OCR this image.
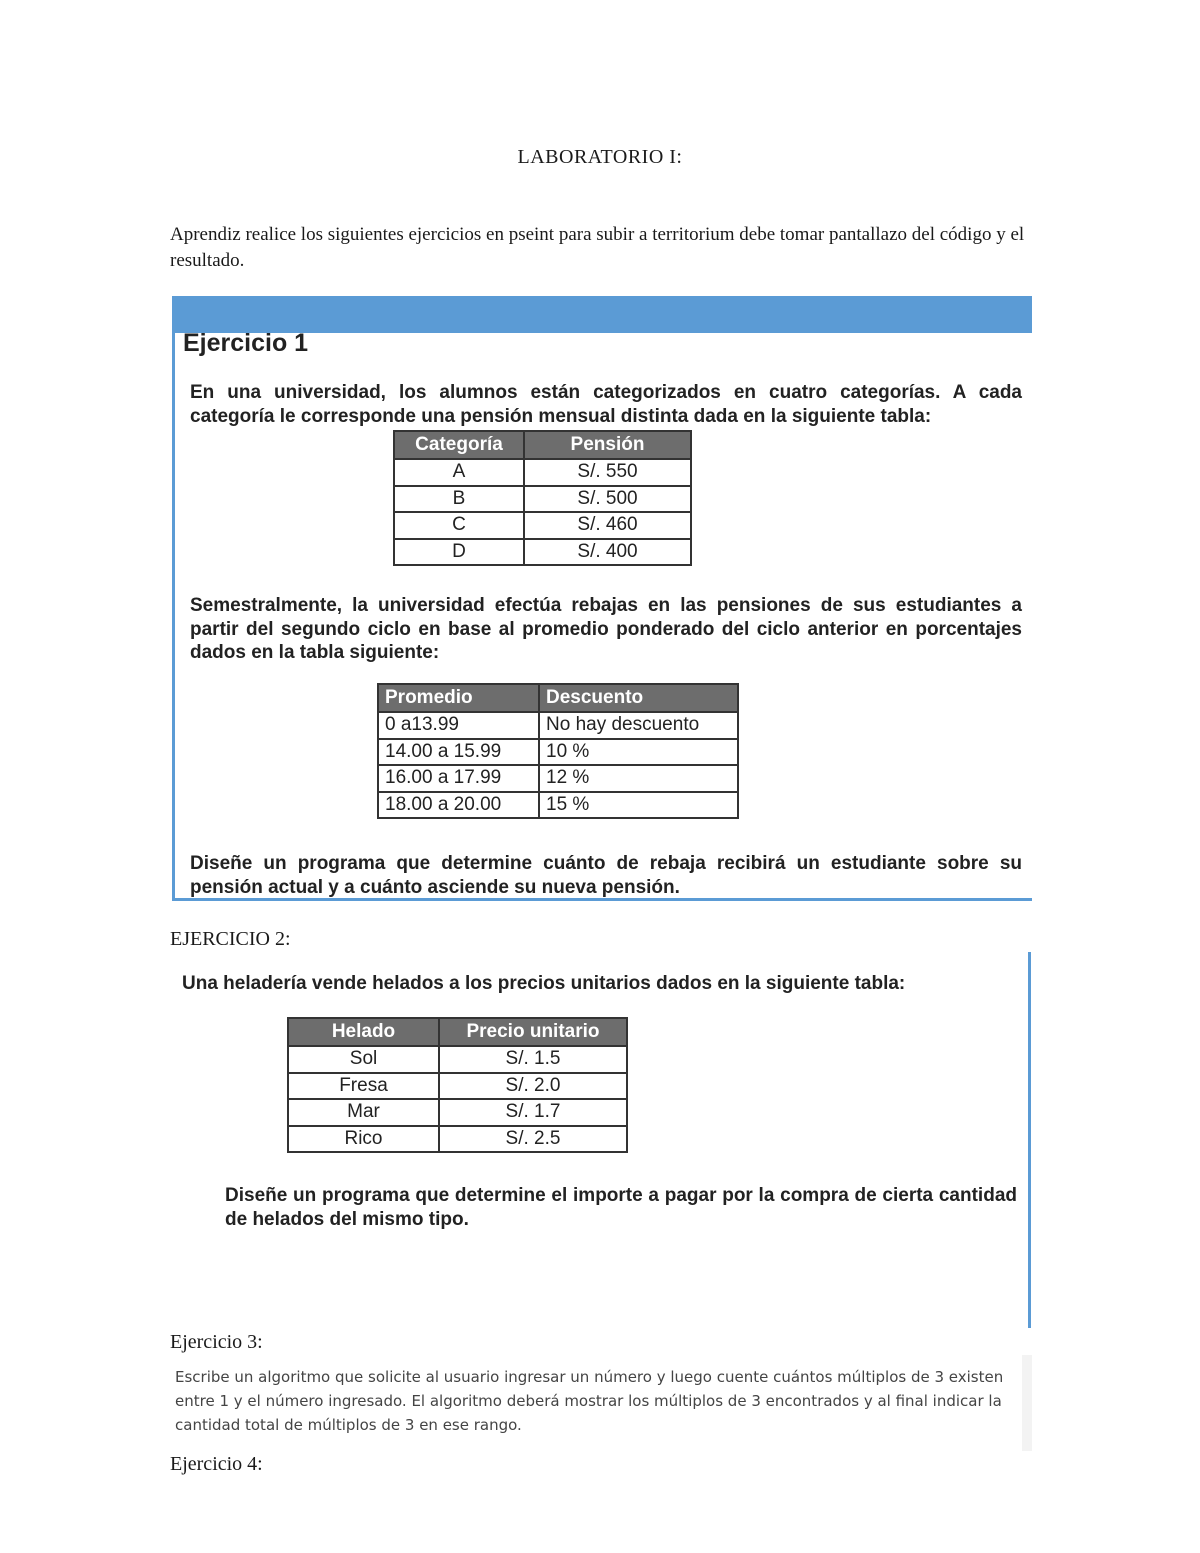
LABORATORIO I:
Aprendiz realice los siguientes ejercicios en pseint para subir a territorium debe tomar pantallazo del código y el resultado.
Ejercicio 1
En una universidad, los alumnos están categorizados en cuatro categorías. A cada categoría le corresponde una pensión mensual distinta dada en la siguiente tabla:
Categoría	Pensión
A	S/. 550
B	S/. 500
C	S/. 460
D	S/. 400
Semestralmente, la universidad efectúa rebajas en las pensiones de sus estudiantes a partir del segundo ciclo en base al promedio ponderado del ciclo anterior en porcentajes dados en la tabla siguiente:
Promedio	Descuento
0 a13.99	No hay descuento
14.00 a 15.99	10 %
16.00 a 17.99	12 %
18.00 a 20.00	15 %
Diseñe un programa que determine cuánto de rebaja recibirá un estudiante sobre su pensión actual y a cuánto asciende su nueva pensión.
EJERCICIO 2:
Una heladería vende helados a los precios unitarios dados en la siguiente tabla:
Helado	Precio unitario
Sol	S/. 1.5
Fresa	S/. 2.0
Mar	S/. 1.7
Rico	S/. 2.5
Diseñe un programa que determine el importe a pagar por la compra de cierta cantidad de helados del mismo tipo.
Ejercicio 3:
Escribe un algoritmo que solicite al usuario ingresar un número y luego cuente cuántos múltiplos de 3 existen entre 1 y el número ingresado. El algoritmo deberá mostrar los múltiplos de 3 encontrados y al final indicar la cantidad total de múltiplos de 3 en ese rango.
Ejercicio 4:
